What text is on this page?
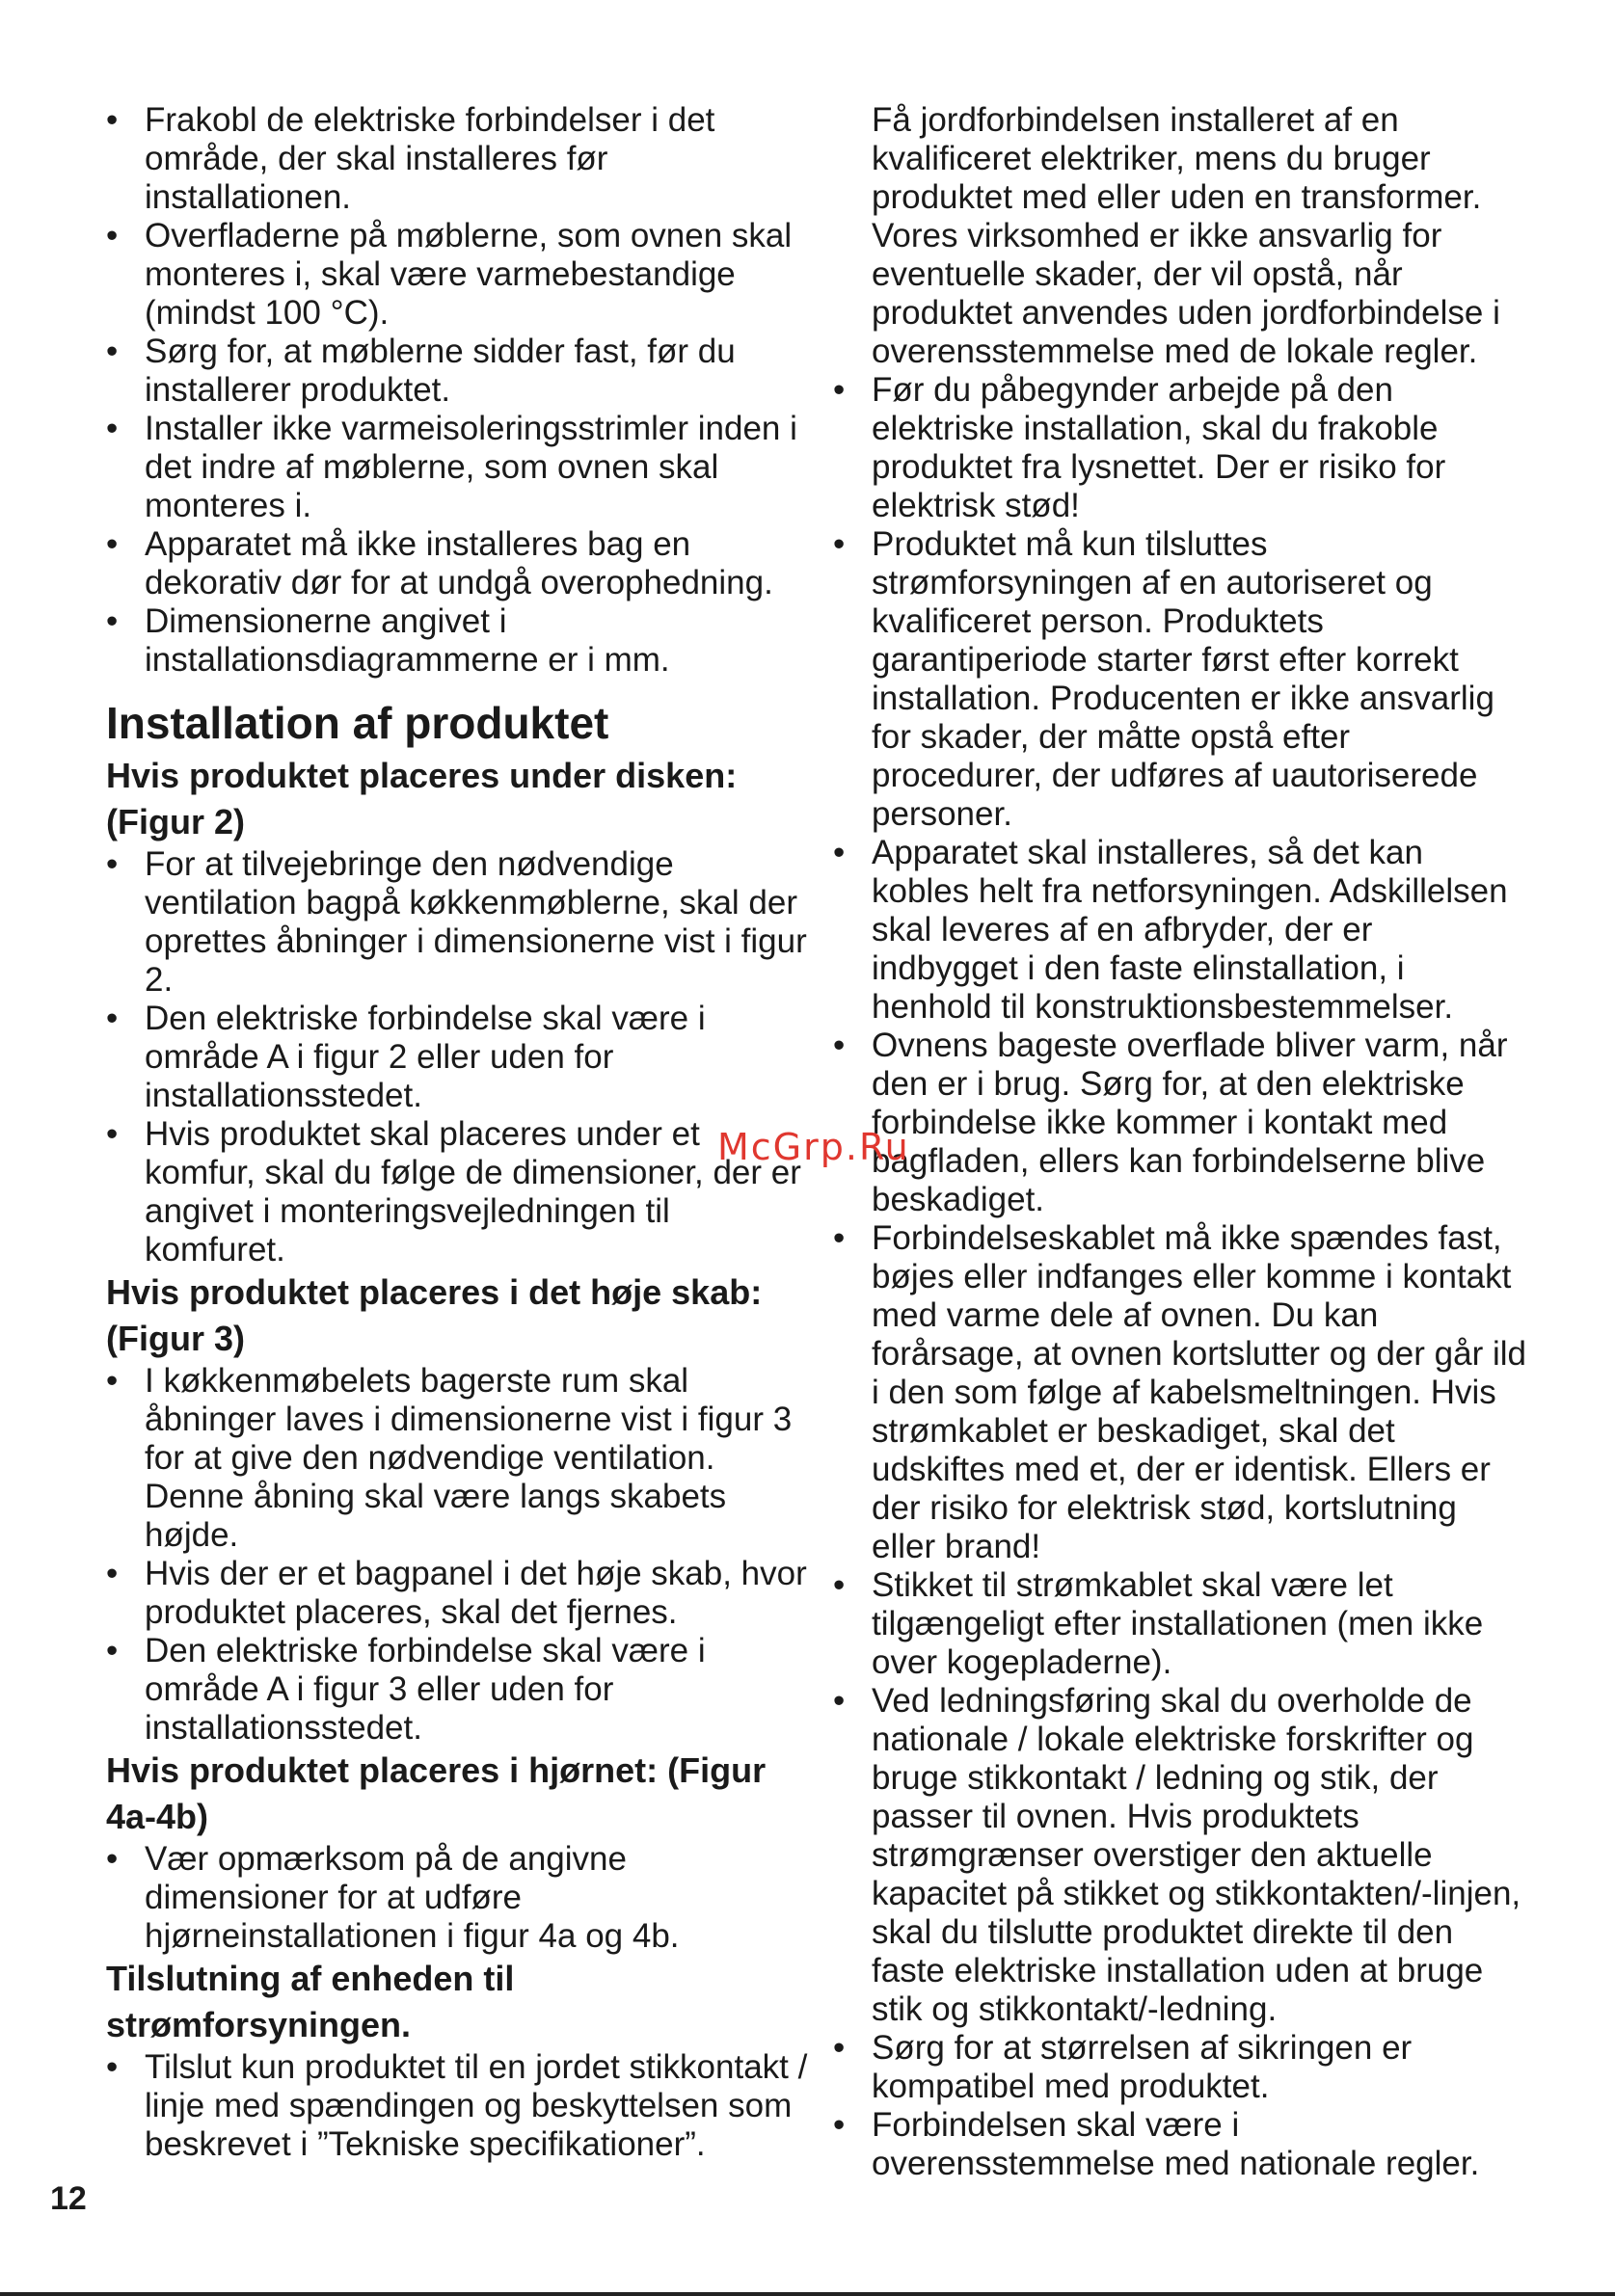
• Frakobl de elektriske forbindelser i det område, der skal installeres før installationen.
• Overfladerne på møblerne, som ovnen skal monteres i, skal være varmebestandige (mindst 100 °C).
• Sørg for, at møblerne sidder fast, før du installerer produktet.
• Installer ikke varmeisoleringsstrimler inden i det indre af møblerne, som ovnen skal monteres i.
• Apparatet må ikke installeres bag en dekorativ dør for at undgå overophedning.
• Dimensionerne angivet i installationsdiagrammerne er i mm.
Installation af produktet
Hvis produktet placeres under disken: (Figur 2)
• For at tilvejebringe den nødvendige ventilation bagpå køkkenmøblerne, skal der oprettes åbninger i dimensionerne vist i figur 2.
• Den elektriske forbindelse skal være i område A i figur 2 eller uden for installationsstedet.
• Hvis produktet skal placeres under et komfur, skal du følge de dimensioner, der er angivet i monteringsvejledningen til komfuret.
Hvis produktet placeres i det høje skab: (Figur 3)
• I køkkenmøbelets bagerste rum skal åbninger laves i dimensionerne vist i figur 3 for at give den nødvendige ventilation. Denne åbning skal være langs skabets højde.
• Hvis der er et bagpanel i det høje skab, hvor produktet placeres, skal det fjernes.
• Den elektriske forbindelse skal være i område A i figur 3 eller uden for installationsstedet.
Hvis produktet placeres i hjørnet: (Figur 4a-4b)
• Vær opmærksom på de angivne dimensioner for at udføre hjørneinstallationen i figur 4a og 4b.
Tilslutning af enheden til strømforsyningen.
• Tilslut kun produktet til en jordet stikkontakt / linje med spændingen og beskyttelsen som beskrevet i ”Tekniske specifikationer”.

Få jordforbindelsen installeret af en kvalificeret elektriker, mens du bruger produktet med eller uden en transformer. Vores virksomhed er ikke ansvarlig for eventuelle skader, der vil opstå, når produktet anvendes uden jordforbindelse i overensstemmelse med de lokale regler.

• Før du påbegynder arbejde på den elektriske installation, skal du frakoble produktet fra lysnettet. Der er risiko for elektrisk stød!
• Produktet må kun tilsluttes strømforsyningen af en autoriseret og kvalificeret person. Produktets garantiperiode starter først efter korrekt installation. Producenten er ikke ansvarlig for skader, der måtte opstå efter procedurer, der udføres af uautoriserede personer.
• Apparatet skal installeres, så det kan kobles helt fra netforsyningen. Adskillelsen skal leveres af en afbryder, der er indbygget i den faste elinstallation, i henhold til konstruktionsbestemmelser.
• Ovnens bageste overflade bliver varm, når den er i brug. Sørg for, at den elektriske forbindelse ikke kommer i kontakt med bagfladen, ellers kan forbindelserne blive beskadiget.
• Forbindelseskablet må ikke spændes fast, bøjes eller indfanges eller komme i kontakt med varme dele af ovnen. Du kan forårsage, at ovnen kortslutter og der går ild i den som følge af kabelsmeltningen. Hvis strømkablet er beskadiget, skal det udskiftes med et, der er identisk. Ellers er der risiko for elektrisk stød, kortslutning eller brand!
• Stikket til strømkablet skal være let tilgængeligt efter installationen (men ikke over kogepladerne).
• Ved ledningsføring skal du overholde de nationale / lokale elektriske forskrifter og bruge stikkontakt / ledning og stik, der passer til ovnen. Hvis produktets strømgrænser overstiger den aktuelle kapacitet på stikket og stikkontakten/-linjen, skal du tilslutte produktet direkte til den faste elektriske installation uden at bruge stik og stikkontakt/-ledning.
• Sørg for at størrelsen af sikringen er kompatibel med produktet.
• Forbindelsen skal være i overensstemmelse med nationale regler.
McGrp.Ru
12
